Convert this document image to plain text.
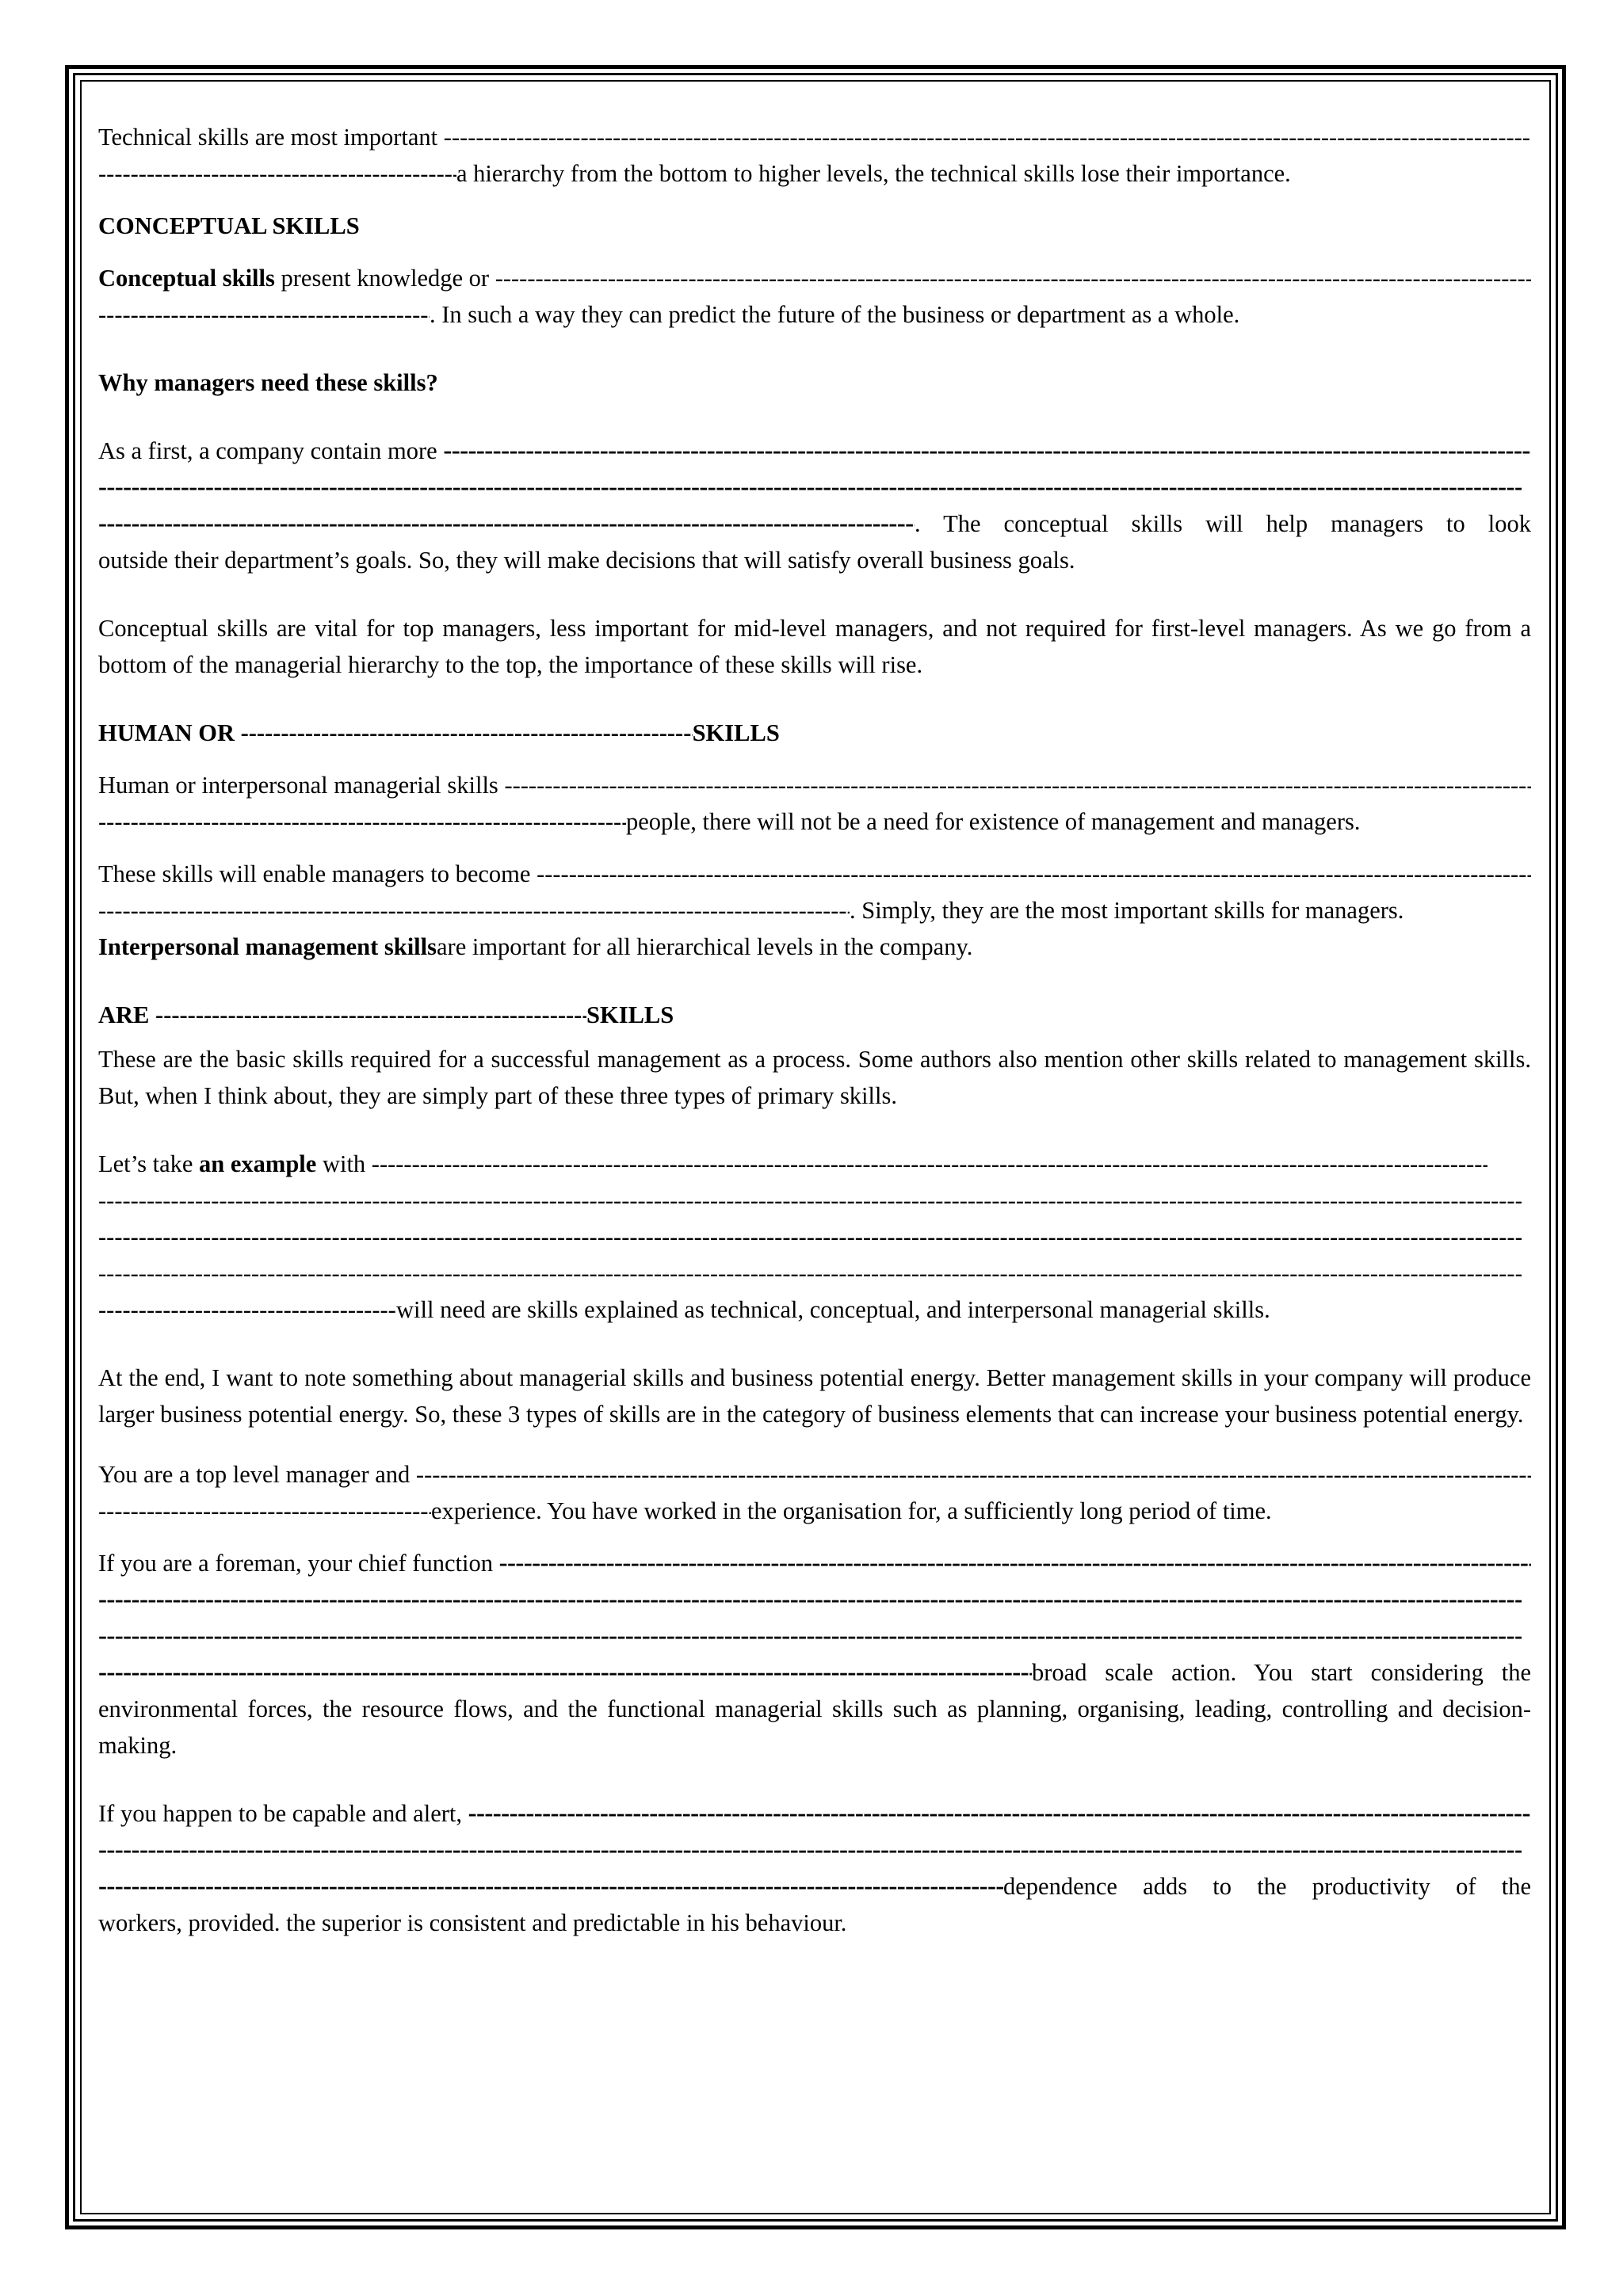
Technical skills are most important
-----
-----
a hierarchy from the bottom to higher levels, the technical skills lose their importance.
CONCEPTUAL SKILLS
Conceptual skills present knowledge or
-----
-----
. In such a way they can predict the future of the business or department as a whole.
Why managers need these skills?
As a first, a company contain more
-----
-----
-----
. The conceptual skills will help managers to look
outside their department’s goals. So, they will make decisions that will satisfy overall business goals.
Conceptual skills are vital for top managers, less important for mid-level managers, and not required for first-level managers. As we go from a bottom of the managerial hierarchy to the top, the importance of these skills will rise.
HUMAN OR -----	SKILLS
Human or interpersonal managerial skills
-----
-----
people, there will not be a need for existence of management and managers.
These skills will enable managers to become
-----
-----
. Simply, they are the most important skills for managers.
Interpersonal management skills are important for all hierarchical levels in the company.
ARE -----	SKILLS
These are the basic skills required for a successful management as a process. Some authors also mention other skills related to management skills. But, when I think about, they are simply part of these three types of primary skills.
Let’s take an example with
-----
-----
-----
-----
-----
will need are skills explained as technical, conceptual, and interpersonal managerial skills.
At the end, I want to note something about managerial skills and business potential energy. Better management skills in your company will produce larger business potential energy. So, these 3 types of skills are in the category of business elements that can increase your business potential energy.
You are a top level manager and
-----
-----
experience. You have worked in the organisation for, a sufficiently long period of time.
If you are a foreman, your chief function
-----
-----
-----
-----
broad scale action. You start considering the
environmental forces, the resource flows, and the functional managerial skills such as planning, organising, leading, controlling and decision-making.
If you happen to be capable and alert,
-----
-----
-----
dependence adds to the productivity of the
workers, provided. the superior is consistent and predictable in his behaviour.
